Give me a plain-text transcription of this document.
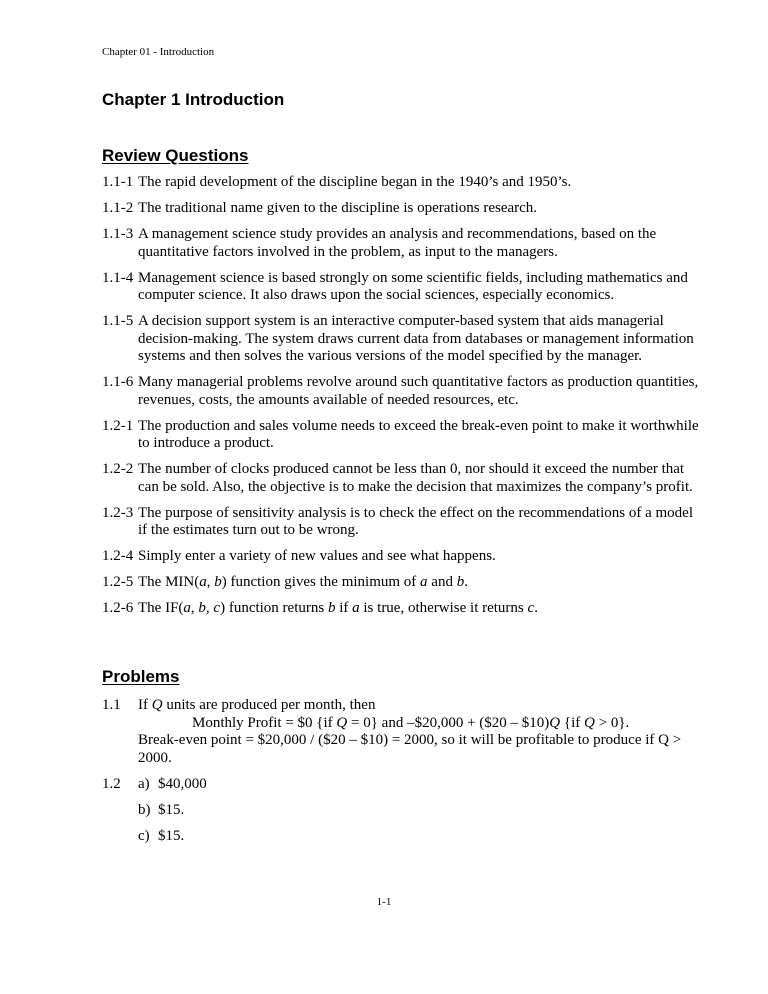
Chapter 01 - Introduction
Chapter 1 Introduction
Review Questions
1.1-1 The rapid development of the discipline began in the 1940’s and 1950’s.
1.1-2 The traditional name given to the discipline is operations research.
1.1-3 A management science study provides an analysis and recommendations, based on the quantitative factors involved in the problem, as input to the managers.
1.1-4 Management science is based strongly on some scientific fields, including mathematics and computer science. It also draws upon the social sciences, especially economics.
1.1-5 A decision support system is an interactive computer-based system that aids managerial decision-making. The system draws current data from databases or management information systems and then solves the various versions of the model specified by the manager.
1.1-6 Many managerial problems revolve around such quantitative factors as production quantities, revenues, costs, the amounts available of needed resources, etc.
1.2-1 The production and sales volume needs to exceed the break-even point to make it worthwhile to introduce a product.
1.2-2 The number of clocks produced cannot be less than 0, nor should it exceed the number that can be sold. Also, the objective is to make the decision that maximizes the company’s profit.
1.2-3 The purpose of sensitivity analysis is to check the effect on the recommendations of a model if the estimates turn out to be wrong.
1.2-4 Simply enter a variety of new values and see what happens.
1.2-5 The MIN(a, b) function gives the minimum of a and b.
1.2-6 The IF(a, b, c) function returns b if a is true, otherwise it returns c.
Problems
1.1	If Q units are produced per month, then
Monthly Profit = $0 {if Q = 0} and –$20,000 + ($20 – $10)Q {if Q > 0}.
Break-even point = $20,000 / ($20 – $10) = 2000, so it will be profitable to produce if Q > 2000.
1.2	a) $40,000
b) $15.
c) $15.
1-1
